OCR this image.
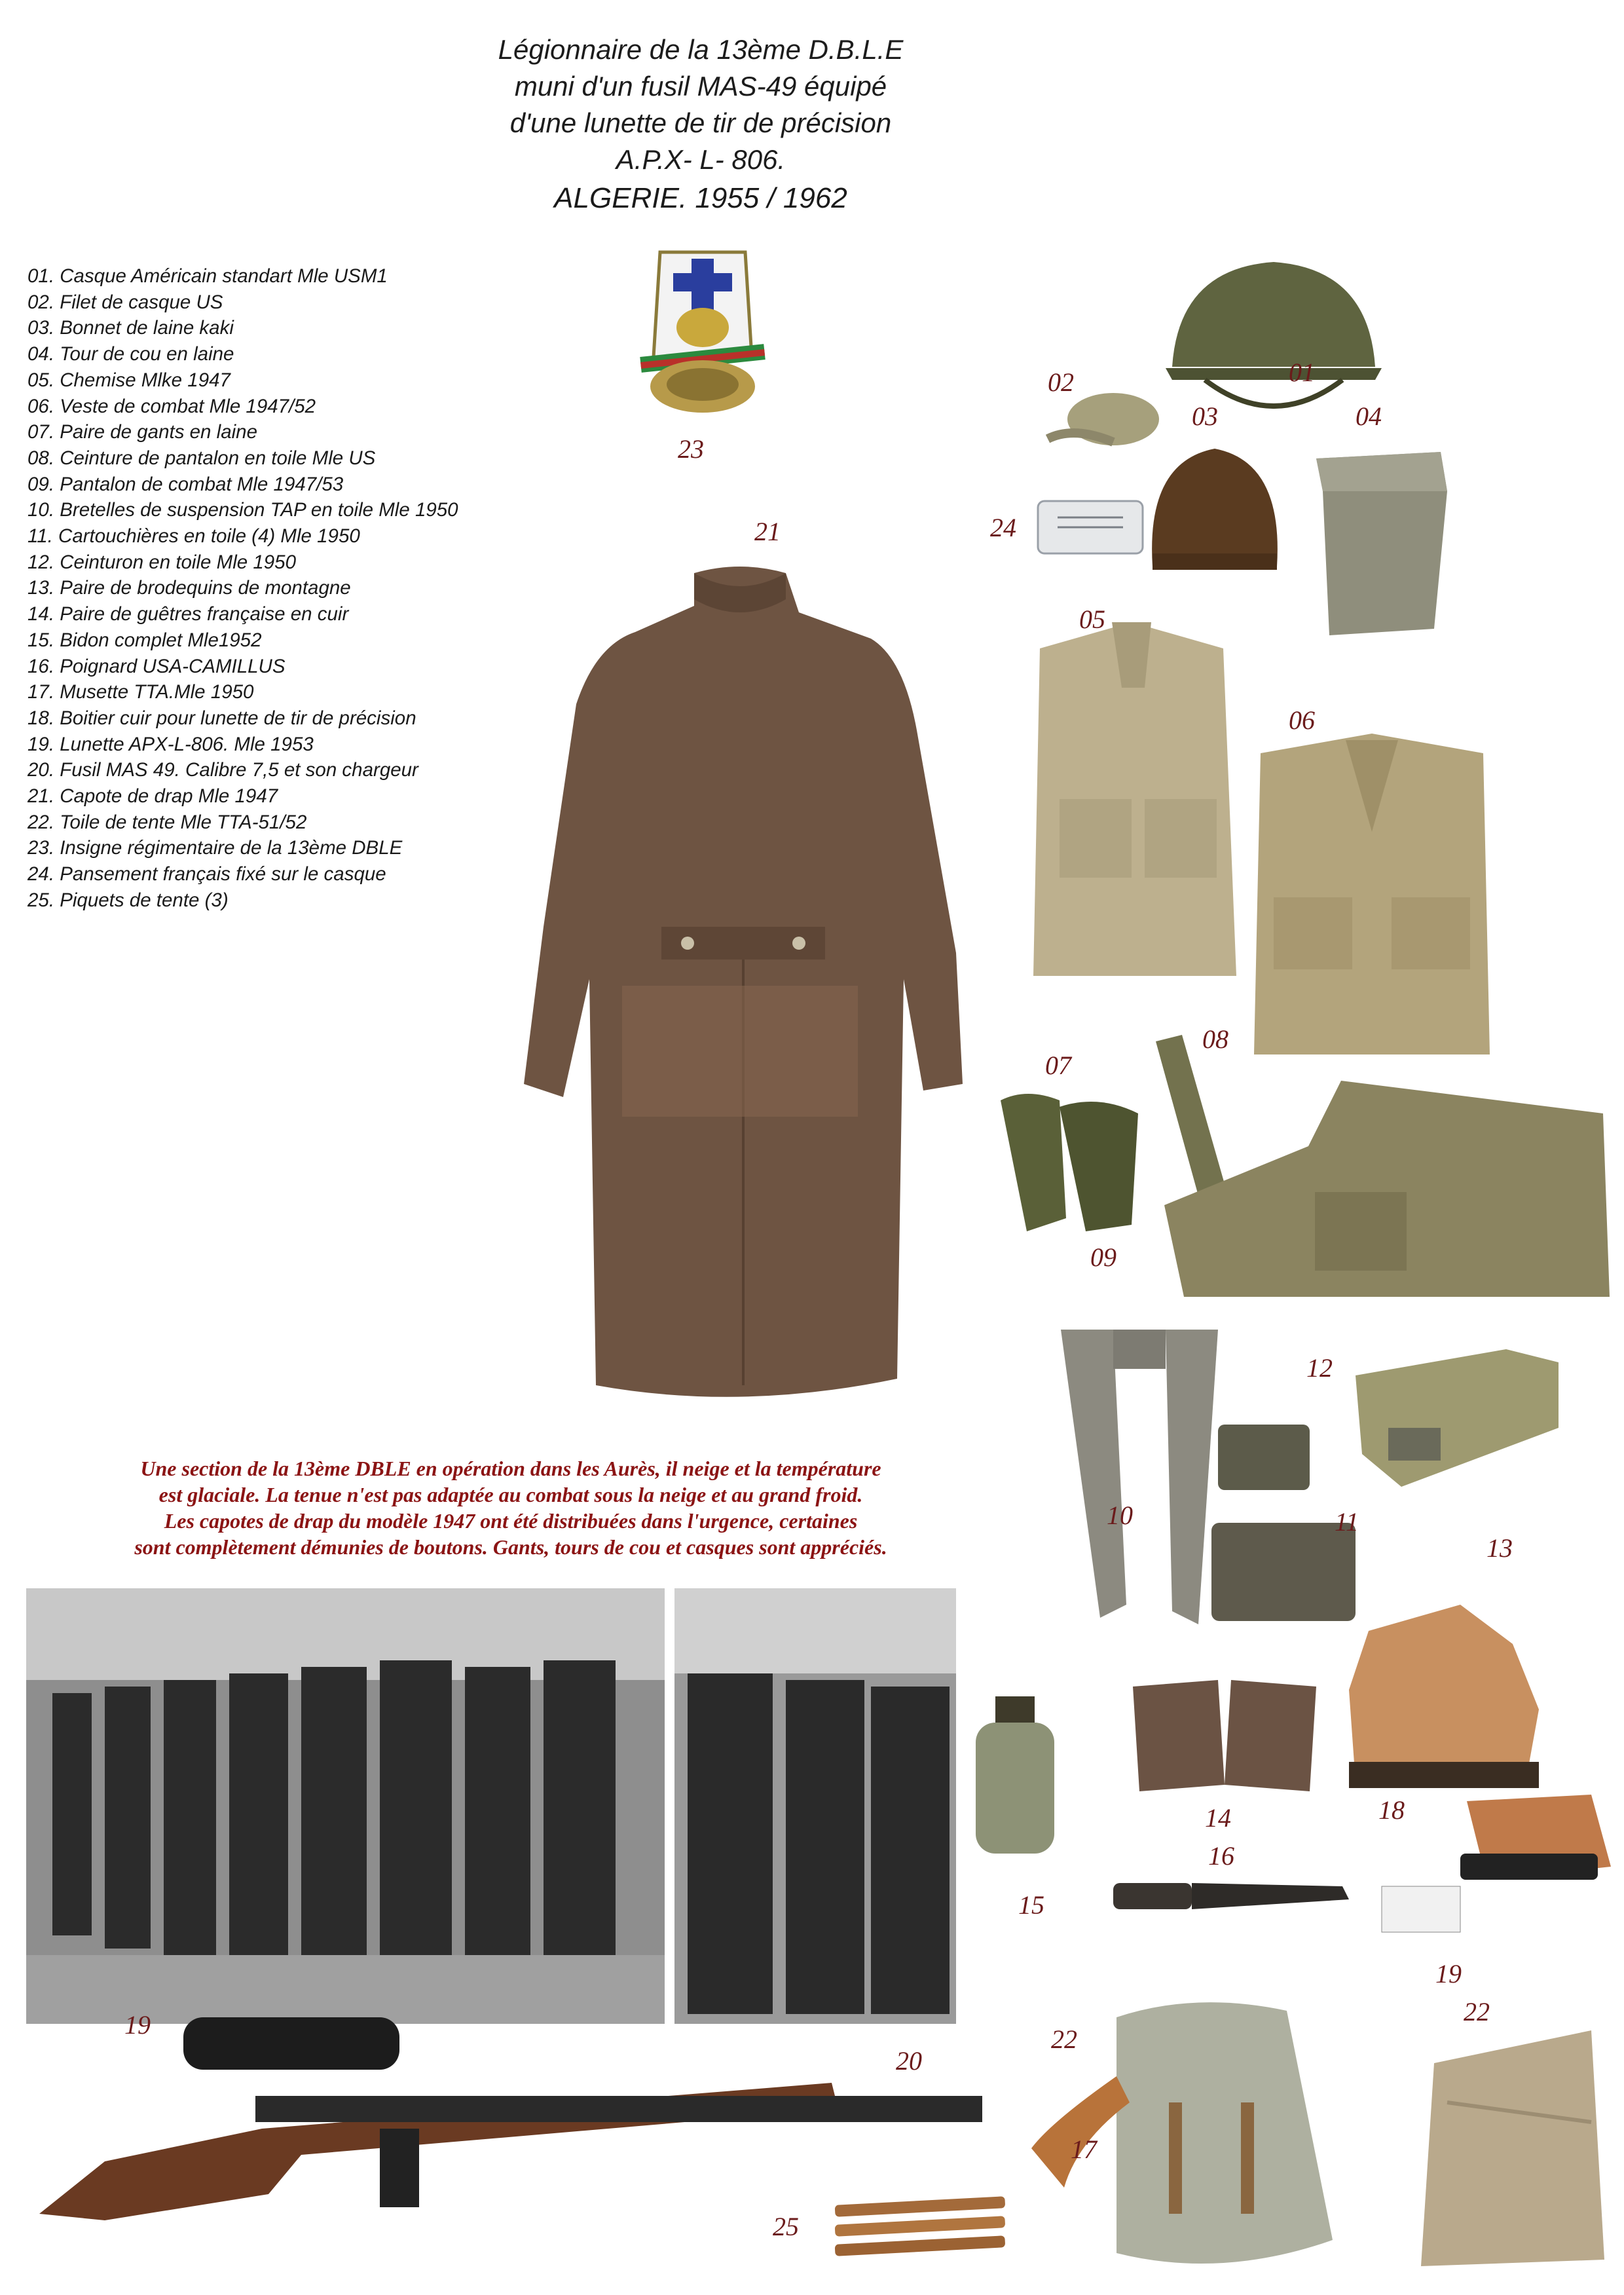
Légionnaire de la 13ème D.B.L.E
muni d'un fusil MAS-49 équipé
d'une lunette de tir de précision
A.P.X- L- 806.
ALGERIE. 1955 / 1962
01. Casque Américain standart Mle USM1
02. Filet de casque US
03. Bonnet de laine kaki
04. Tour de cou en laine
05. Chemise Mlke 1947
06. Veste de combat Mle 1947/52
07. Paire de gants en laine
08. Ceinture de pantalon en toile Mle US
09. Pantalon de combat Mle 1947/53
10. Bretelles de suspension TAP en toile Mle 1950
11. Cartouchières en toile (4) Mle 1950
12. Ceinturon en toile Mle 1950
13. Paire de brodequins de montagne
14. Paire de guêtres française en cuir
15. Bidon complet Mle1952
16. Poignard USA-CAMILLUS
17. Musette TTA.Mle 1950
18. Boitier cuir pour lunette de tir de précision
19. Lunette APX-L-806. Mle 1953
20. Fusil MAS 49. Calibre 7,5 et son chargeur
21. Capote de drap Mle 1947
22. Toile de tente Mle TTA-51/52
23. Insigne régimentaire de la 13ème DBLE
24. Pansement français fixé sur le casque
25. Piquets de tente (3)
23
21
01
02
03	04
24
05
06
07
08
09
10	11
12
13
14
15
16
18
19
17
22
22
Une section de la 13ème DBLE en opération dans les Aurès, il neige et la température
est glaciale. La tenue n'est pas adaptée au combat sous la neige et au grand froid.
Les capotes de drap du modèle 1947 ont été distribuées dans l'urgence, certaines
sont complètement démunies de boutons. Gants, tours de cou et casques sont appréciés.
19
20
25
